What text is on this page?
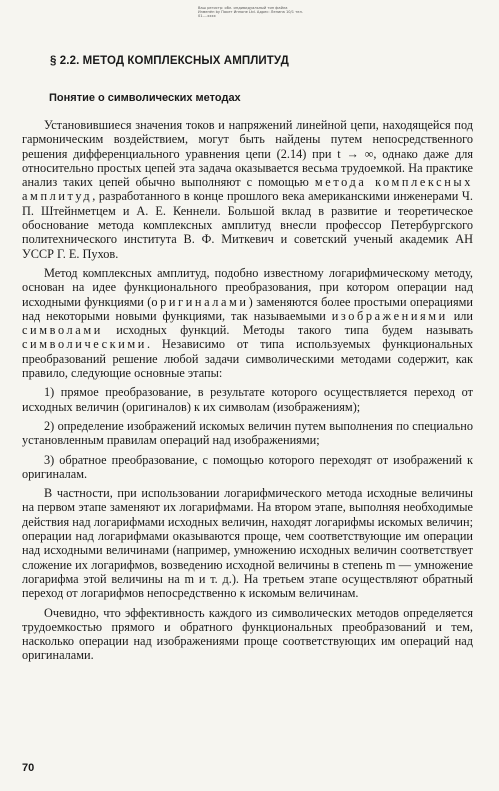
Ваш регистр: обл. индивидуальный тип файла
Изменён by Пакет Иннопе Ltd. Адрес: Ленина 10/1 тел. 01-...xxxx
§ 2.2. МЕТОД КОМПЛЕКСНЫХ АМПЛИТУД
Понятие о символических методах

Установившиеся значения токов и напряжений линейной цепи, находящейся под гармоническим воздействием, могут быть найдены путем непосредственного решения дифференциального уравнения цепи (2.14) при t → ∞, однако даже для относительно простых цепей эта задача оказывается весьма трудоемкой. На практике анализ таких цепей обычно выполняют с помощью метода комплексных амплитуд, разработанного в конце прошлого века американскими инженерами Ч. П. Штейнметцем и А. Е. Кеннели. Большой вклад в развитие и теоретическое обоснование метода комплексных амплитуд внесли профессор Петербургского политехнического института В. Ф. Миткевич и советский ученый академик АН УССР Г. Е. Пухов.

Метод комплексных амплитуд, подобно известному логарифмическому методу, основан на идее функционального преобразования, при котором операции над исходными функциями (оригиналами) заменяются более простыми операциями над некоторыми новыми функциями, так называемыми изображениями или символами исходных функций. Методы такого типа будем называть символическими. Независимо от типа используемых функциональных преобразований решение любой задачи символическими методами содержит, как правило, следующие основные этапы:

1) прямое преобразование, в результате которого осуществляется переход от исходных величин (оригиналов) к их символам (изображениям);

2) определение изображений искомых величин путем выполнения по специально установленным правилам операций над изображениями;

3) обратное преобразование, с помощью которого переходят от изображений к оригиналам.

В частности, при использовании логарифмического метода исходные величины на первом этапе заменяют их логарифмами. На втором этапе, выполняя необходимые действия над логарифмами исходных величин, находят логарифмы искомых величин; операции над логарифмами оказываются проще, чем соответствующие им операции над исходными величинами (например, умножению исходных величин соответствует сложение их логарифмов, возведению исходной величины в степень m — умножение логарифма этой величины на m и т. д.). На третьем этапе осуществляют обратный переход от логарифмов непосредственно к искомым величинам.

Очевидно, что эффективность каждого из символических методов определяется трудоемкостью прямого и обратного функциональных преобразований и тем, насколько операции над изображениями проще соответствующих им операций над оригиналами.

70
